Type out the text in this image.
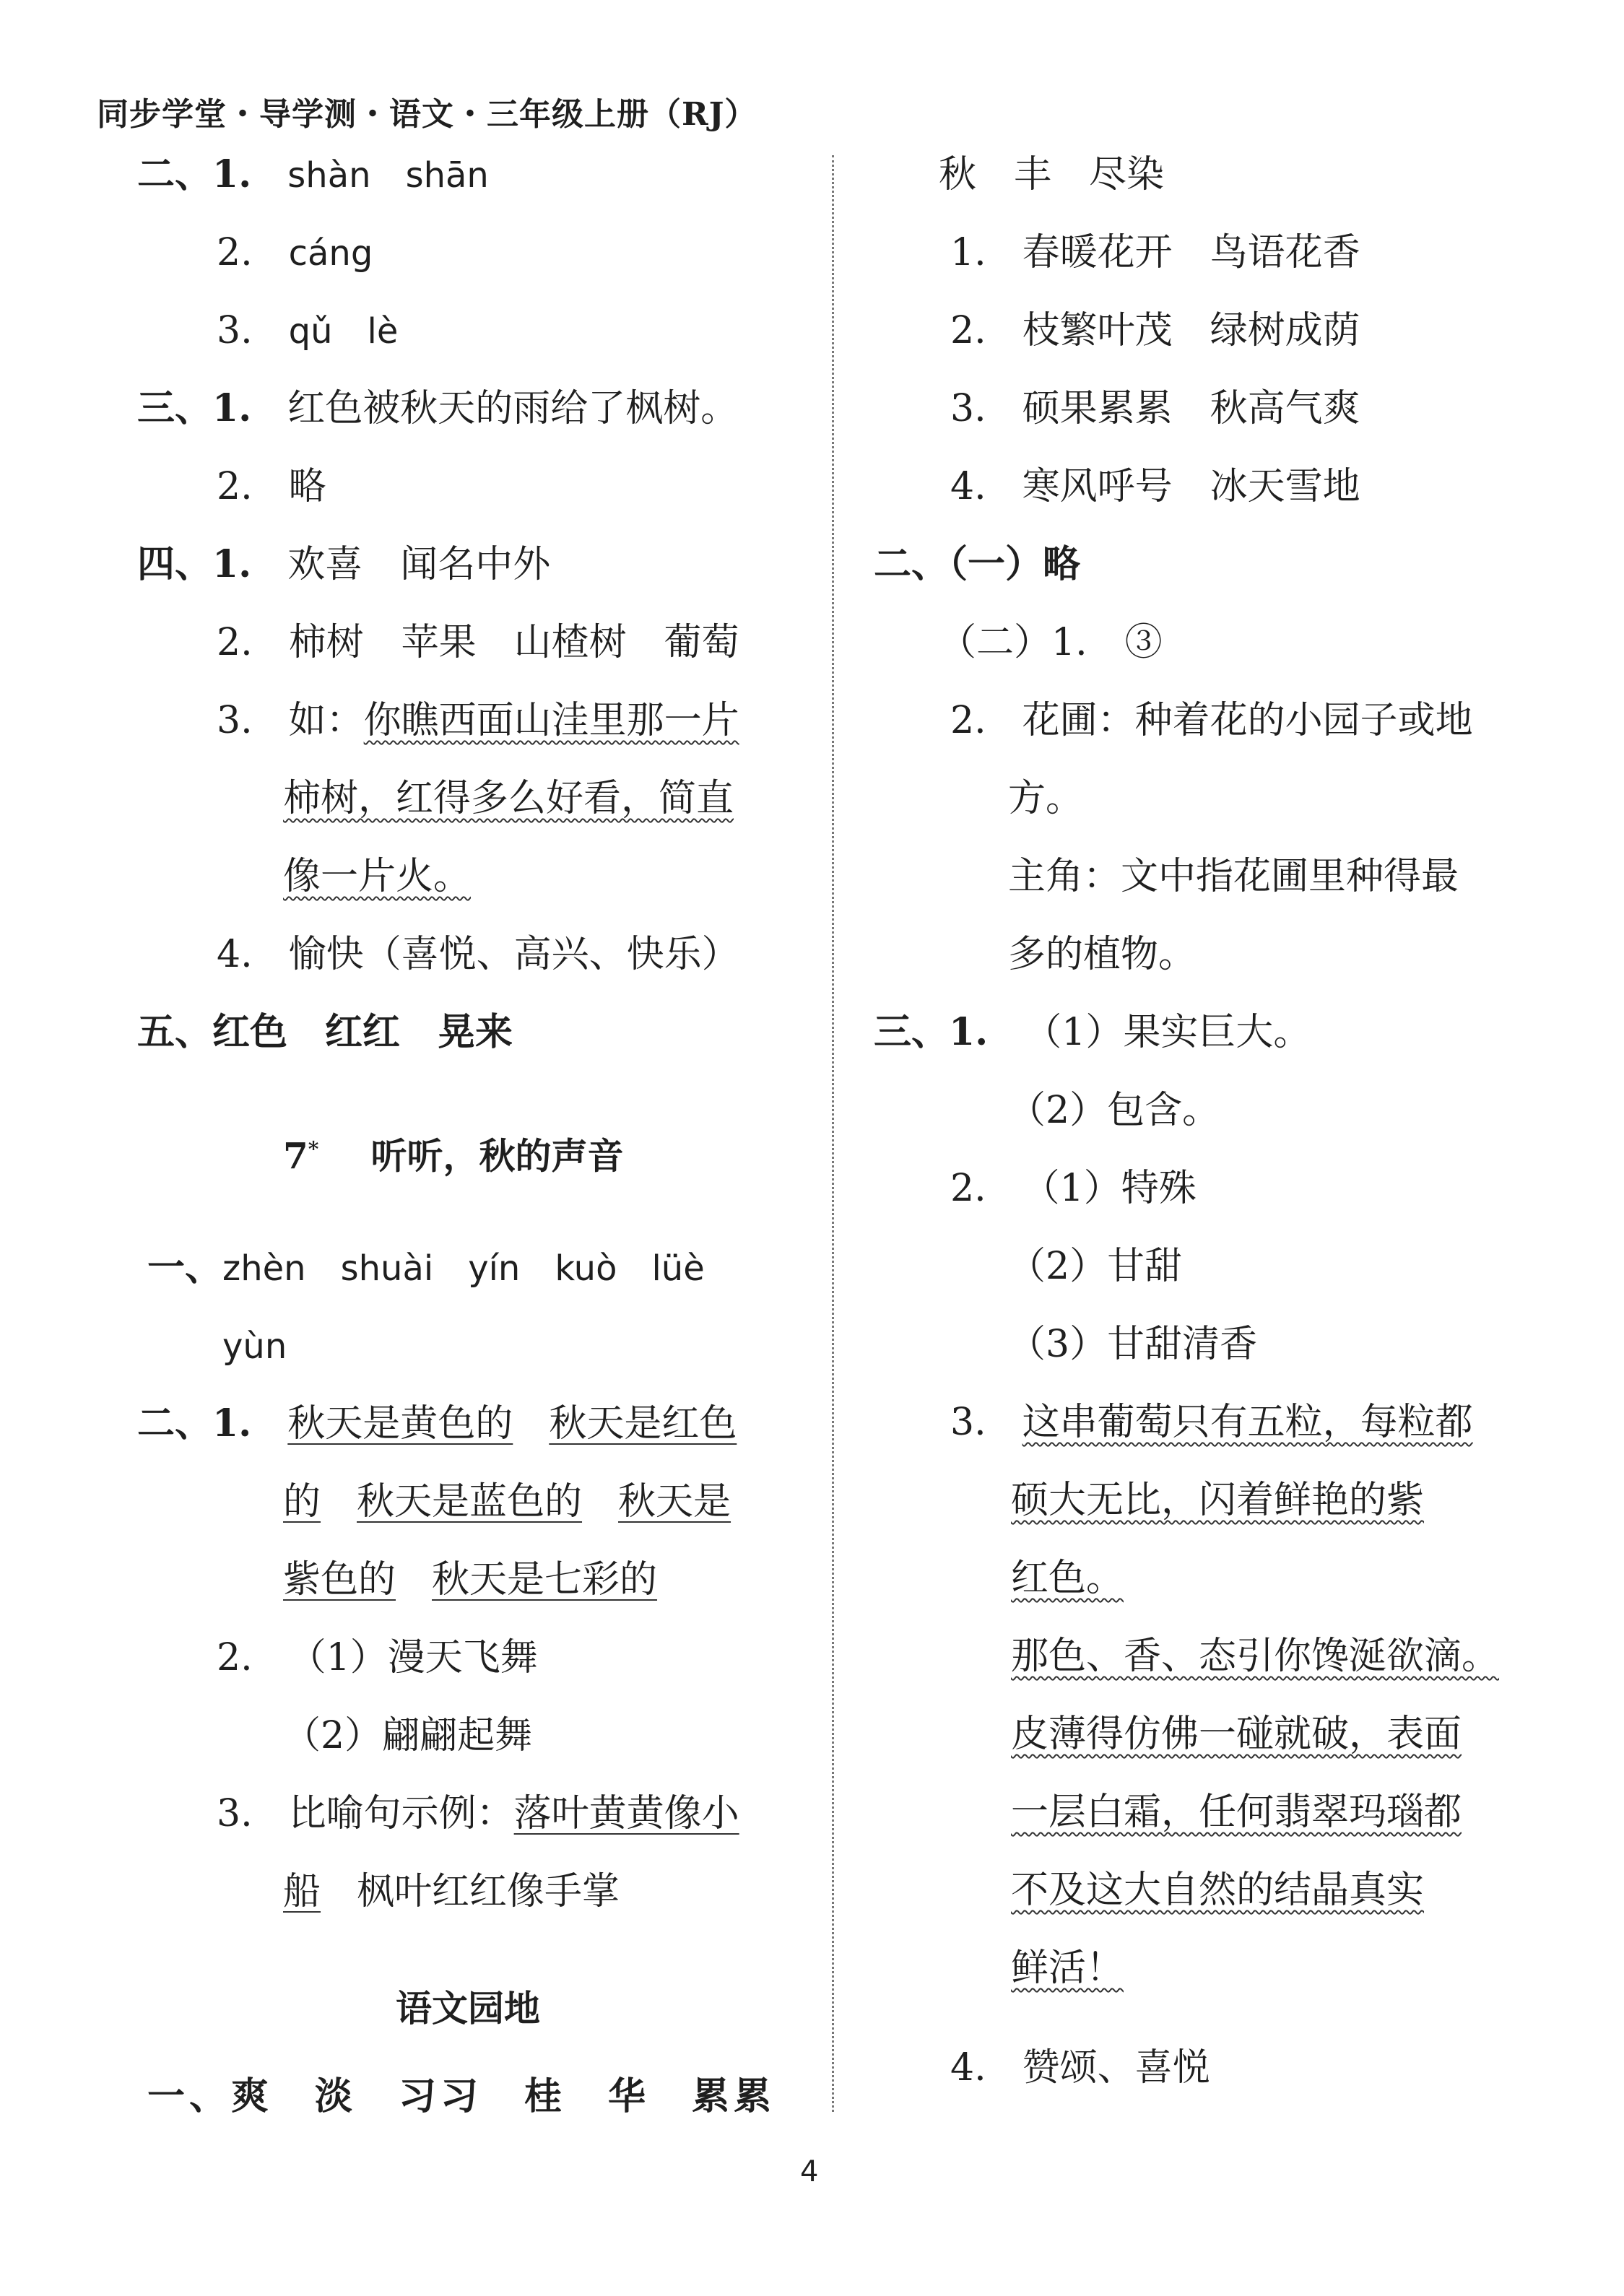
同步学堂・导学测・语文・三年级上册（RJ）
二、1. shàn　shān
2. cáng
3. qǔ　lè
三、1. 红色被秋天的雨给了枫树。
2. 略
四、1. 欢喜　闻名中外
2. 柿树　苹果　山楂树　葡萄
3. 如：你瞧西面山洼里那一片
柿树，红得多么好看，简直
像一片火。
4. 愉快（喜悦、高兴、快乐）
五、红色　红红　晃来
7* 听听，秋的声音
一、zhèn　shuài　yín　kuò　lüè
yùn
二、1. 秋天是黄色的 秋天是红色
的 秋天是蓝色的 秋天是
紫色的 秋天是七彩的
2. （1）漫天飞舞
（2）翩翩起舞
3. 比喻句示例：落叶黄黄像小
船 枫叶红红像手掌
语文园地
一、爽　淡　习习　桂　华　累累
秋　丰　尽染
1. 春暖花开　鸟语花香
2. 枝繁叶茂　绿树成荫
3. 硕果累累　秋高气爽
4. 寒风呼号　冰天雪地
二、（一）略
（二）1.　③
2. 花圃：种着花的小园子或地
方。
主角：文中指花圃里种得最
多的植物。
三、1. （1）果实巨大。
（2）包含。
2. （1）特殊
（2）甘甜
（3）甘甜清香
3. 这串葡萄只有五粒，每粒都
硕大无比，闪着鲜艳的紫
红色。
那色、香、态引你馋涎欲滴。
皮薄得仿佛一碰就破，表面
一层白霜，任何翡翠玛瑙都
不及这大自然的结晶真实
鲜活！
4. 赞颂、喜悦
4
